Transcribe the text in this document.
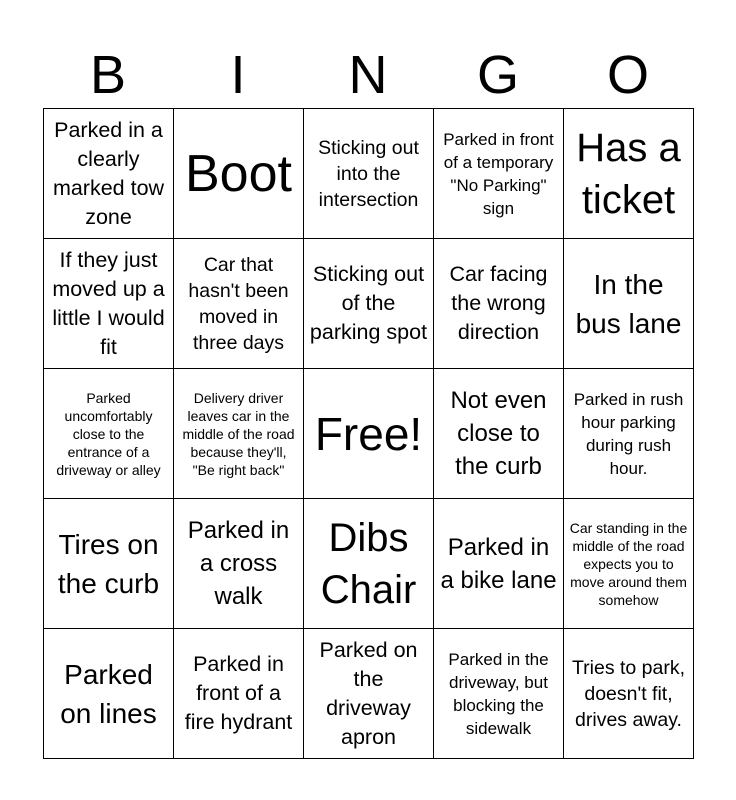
B	I	N	G	O
Parked in a clearly marked tow zone	Boot	Sticking out into the intersection	Parked in front of a temporary "No Parking" sign	Has a ticket
If they just moved up a little I would fit	Car that hasn't been moved in three days	Sticking out of the parking spot	Car facing the wrong direction	In the bus lane
Parked uncomfortably close to the entrance of a driveway or alley	Delivery driver leaves car in the middle of the road because they'll, "Be right back"	Free!	Not even close to the curb	Parked in rush hour parking during rush hour.
Tires on the curb	Parked in a cross walk	Dibs Chair	Parked in a bike lane	Car standing in the middle of the road expects you to move around them somehow
Parked on lines	Parked in front of a fire hydrant	Parked on the driveway apron	Parked in the driveway, but blocking the sidewalk	Tries to park, doesn't fit, drives away.
